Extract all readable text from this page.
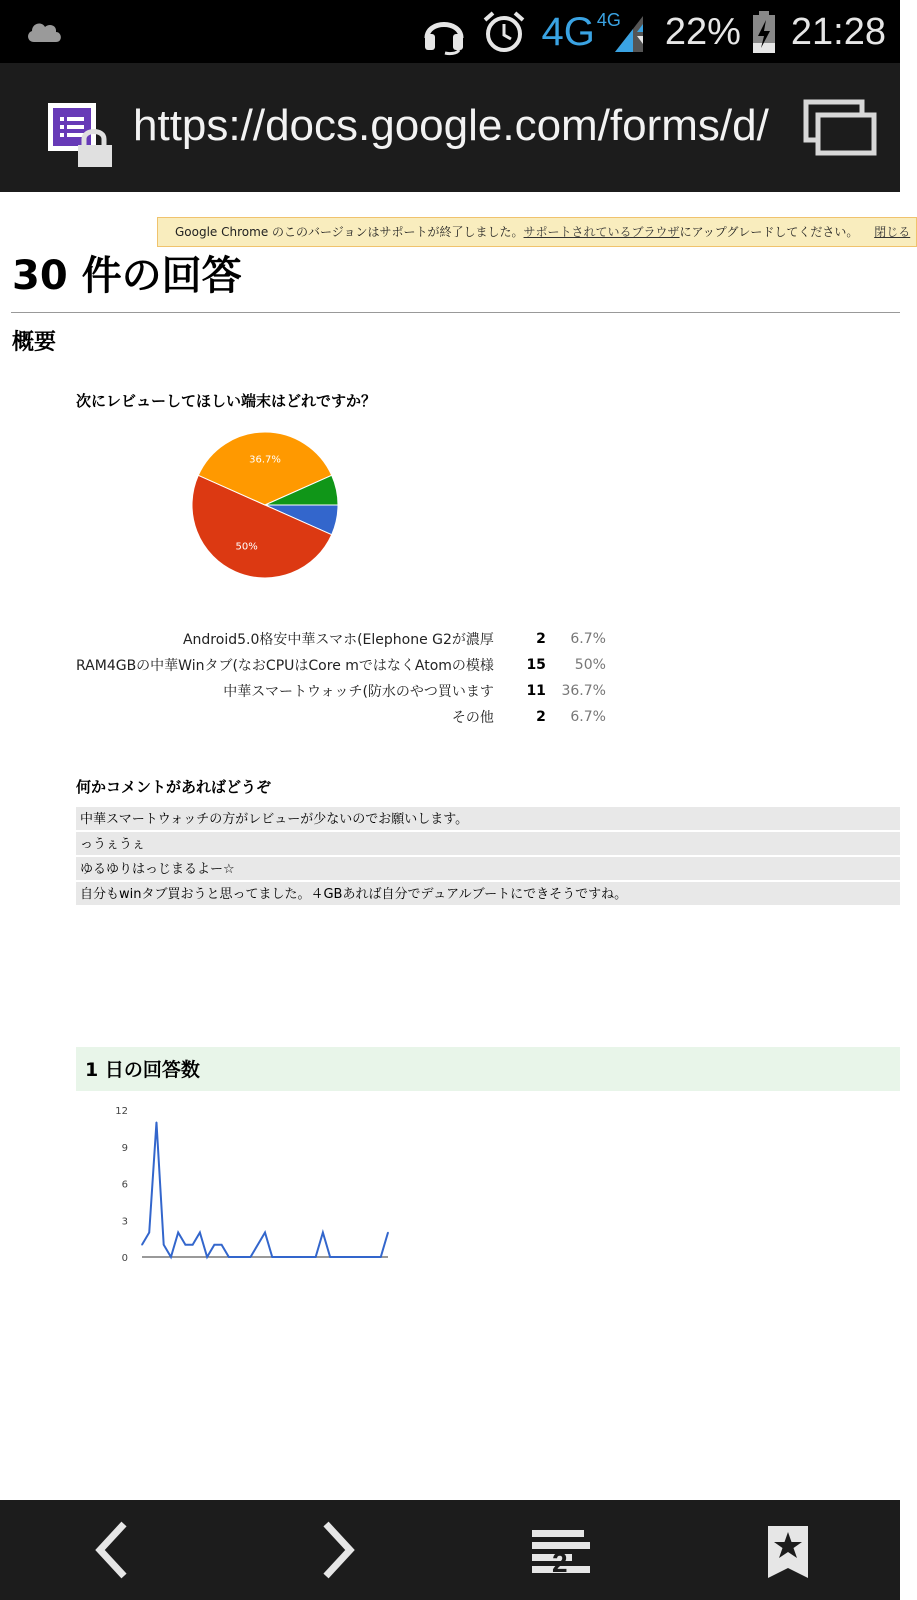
4G 4G 22% 21:28
https://docs.google.com/forms/d/
Google Chrome のこのバージョンはサポートが終了しました。サポートされているブラウザにアップグレードしてください。 閉じる
30 件の回答
概要
次にレビューしてほしい端末はどれですか？
50%
36.7%
Android5.0格安中華スマホ(Elephone G2が濃厚	2	6.7%
RAM4GBの中華Winタブ(なおCPUはCore mではなくAtomの模様	15	50%
中華スマートウォッチ(防水のやつ買います	11	36.7%
その他	2	6.7%
何かコメントがあればどうぞ
中華スマートウォッチの方がレビューが少ないのでお願いします。
っうぇうぇ
ゆるゆりはっじまるよー☆
自分もwinタブ買おうと思ってました。４GBあれば自分でデュアルブートにできそうですね。
1 日の回答数
12
9
6
3
0
2
